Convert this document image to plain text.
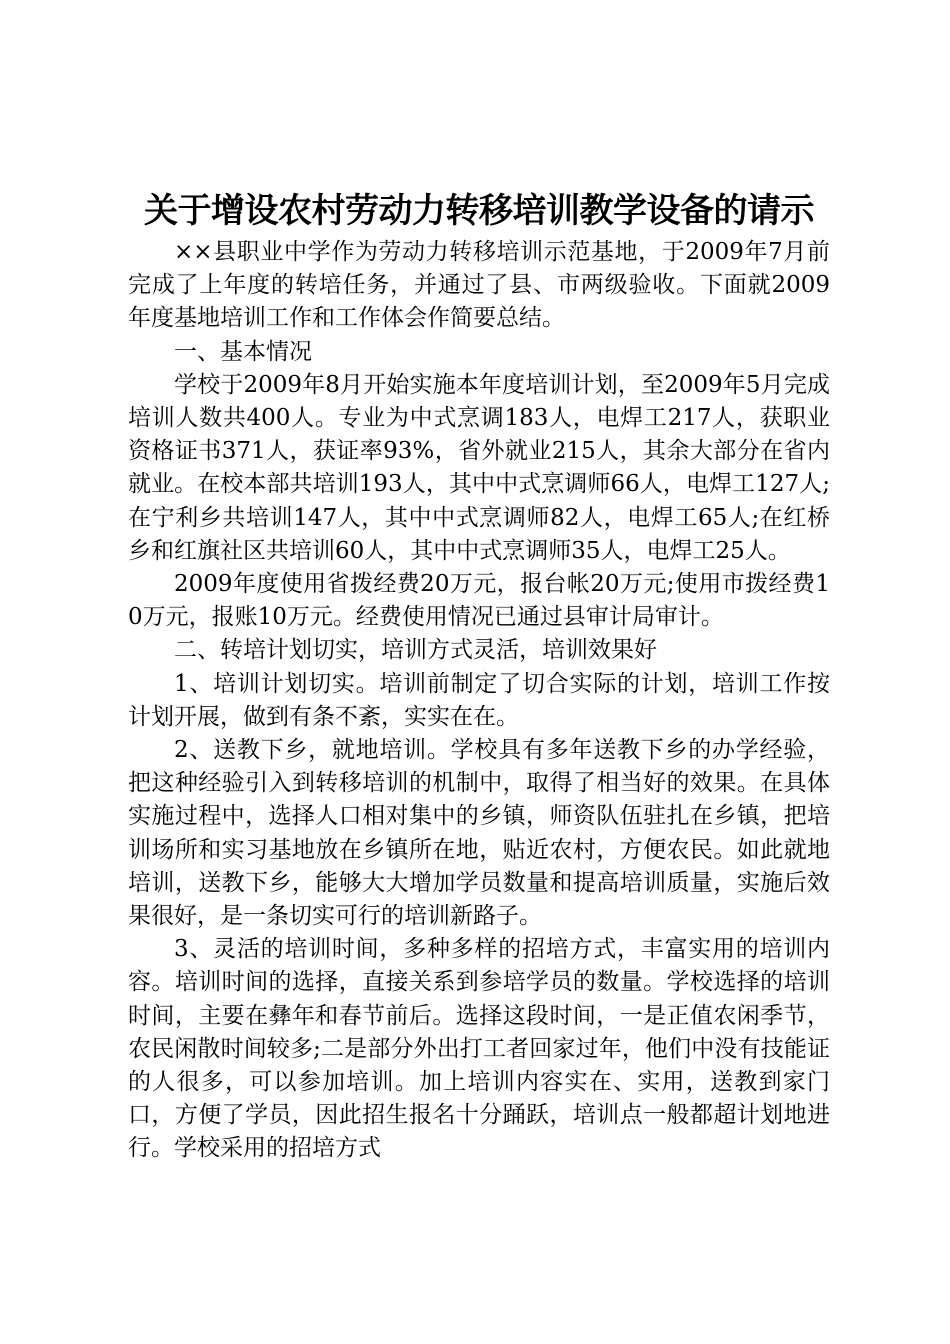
关于增设农村劳动力转移培训教学设备的请示

××县职业中学作为劳动力转移培训示范基地，于2009年7月前完成了上年度的转培任务，并通过了县、市两级验收。下面就2009年度基地培训工作和工作体会作简要总结。

一、基本情况

学校于2009年8月开始实施本年度培训计划，至2009年5月完成培训人数共400人。专业为中式烹调183人，电焊工217人，获职业资格证书371人，获证率93%，省外就业215人，其余大部分在省内就业。在校本部共培训193人，其中中式烹调师66人，电焊工127人;在宁利乡共培训147人，其中中式烹调师82人，电焊工65人;在红桥乡和红旗社区共培训60人，其中中式烹调师35人，电焊工25人。

2009年度使用省拨经费20万元，报台帐20万元;使用市拨经费10万元，报账10万元。经费使用情况已通过县审计局审计。

二、转培计划切实，培训方式灵活，培训效果好

1、培训计划切实。培训前制定了切合实际的计划，培训工作按计划开展，做到有条不紊，实实在在。

2、送教下乡，就地培训。学校具有多年送教下乡的办学经验，把这种经验引入到转移培训的机制中，取得了相当好的效果。在具体实施过程中，选择人口相对集中的乡镇，师资队伍驻扎在乡镇，把培训场所和实习基地放在乡镇所在地，贴近农村，方便农民。如此就地培训，送教下乡，能够大大增加学员数量和提高培训质量，实施后效果很好，是一条切实可行的培训新路子。

3、灵活的培训时间，多种多样的招培方式，丰富实用的培训内容。培训时间的选择，直接关系到参培学员的数量。学校选择的培训时间，主要在彝年和春节前后。选择这段时间，一是正值农闲季节，农民闲散时间较多;二是部分外出打工者回家过年，他们中没有技能证的人很多，可以参加培训。加上培训内容实在、实用，送教到家门口，方便了学员，因此招生报名十分踊跃，培训点一般都超计划地进行。学校采用的招培方式
